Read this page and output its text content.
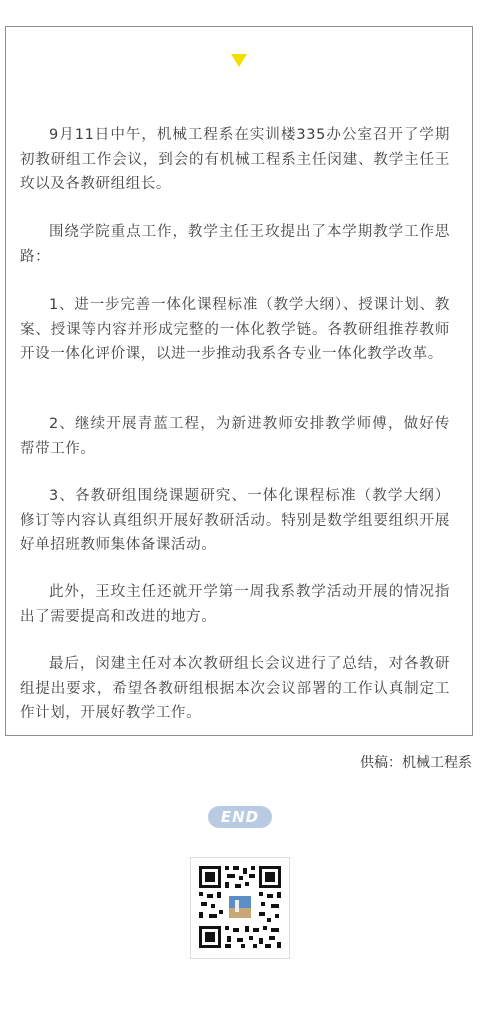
9月11日中午，机械工程系在实训楼335办公室召开了学期初教研组工作会议，到会的有机械工程系主任闵建、教学主任王玫以及各教研组组长。

围绕学院重点工作，教学主任王玫提出了本学期教学工作思路：

1、进一步完善一体化课程标准（教学大纲）、授课计划、教案、授课等内容并形成完整的一体化教学链。各教研组推荐教师开设一体化评价课，以进一步推动我系各专业一体化教学改革。

2、继续开展青蓝工程，为新进教师安排教学师傅，做好传帮带工作。

3、各教研组围绕课题研究、一体化课程标准（教学大纲）修订等内容认真组织开展好教研活动。特别是数学组要组织开展好单招班教师集体备课活动。

此外，王玫主任还就开学第一周我系教学活动开展的情况指出了需要提高和改进的地方。

最后，闵建主任对本次教研组长会议进行了总结，对各教研组提出要求，希望各教研组根据本次会议部署的工作认真制定工作计划，开展好教学工作。

供稿：机械工程系

END
